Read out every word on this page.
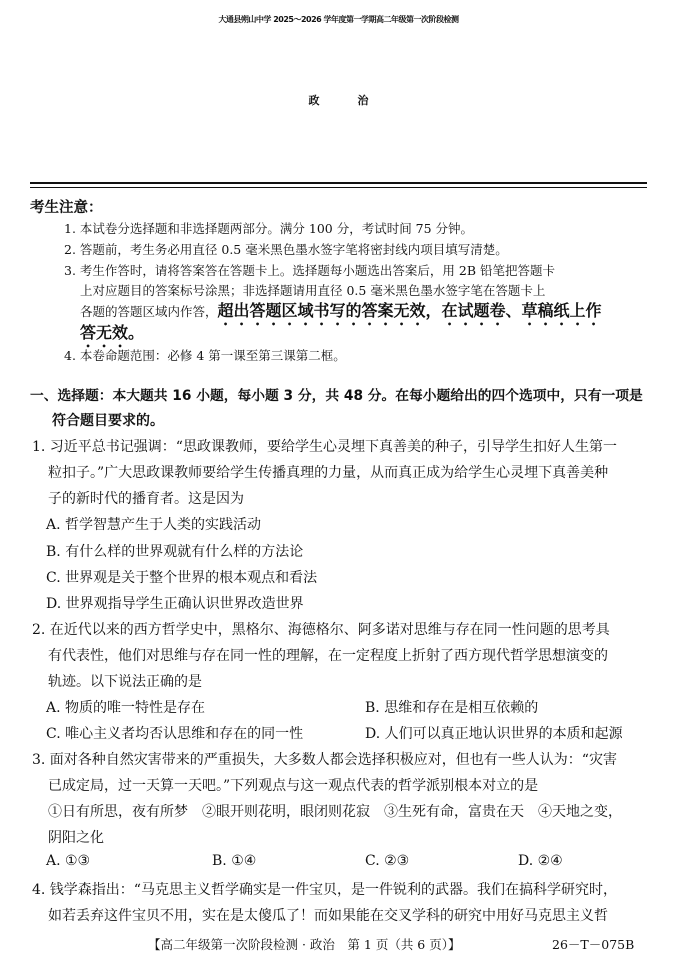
大通县朔山中学 2025～2026 学年度第一学期高二年级第一次阶段检测
政治
考生注意：
1. 本试卷分选择题和非选择题两部分。满分 100 分，考试时间 75 分钟。
2. 答题前，考生务必用直径 0.5 毫米黑色墨水签字笔将密封线内项目填写清楚。
3. 考生作答时，请将答案答在答题卡上。选择题每小题选出答案后，用 2B 铅笔把答题卡
上对应题目的答案标号涂黑；非选择题请用直径 0.5 毫米黑色墨水签字笔在答题卡上
各题的答题区域内作答，超出答题区域书写的答案无效，在试题卷、草稿纸上作
答无效。
4. 本卷命题范围：必修 4 第一课至第三课第二框。
一、选择题：本大题共 16 小题，每小题 3 分，共 48 分。在每小题给出的四个选项中，只有一项是
符合题目要求的。
1. 习近平总书记强调：“思政课教师，要给学生心灵埋下真善美的种子，引导学生扣好人生第一
粒扣子。”广大思政课教师要给学生传播真理的力量，从而真正成为给学生心灵埋下真善美种
子的新时代的播育者。这是因为
A. 哲学智慧产生于人类的实践活动
B. 有什么样的世界观就有什么样的方法论
C. 世界观是关于整个世界的根本观点和看法
D. 世界观指导学生正确认识世界改造世界
2. 在近代以来的西方哲学史中，黑格尔、海德格尔、阿多诺对思维与存在同一性问题的思考具
有代表性，他们对思维与存在同一性的理解，在一定程度上折射了西方现代哲学思想演变的
轨迹。以下说法正确的是
A. 物质的唯一特性是存在	B. 思维和存在是相互依赖的
C. 唯心主义者均否认思维和存在的同一性	D. 人们可以真正地认识世界的本质和起源
3. 面对各种自然灾害带来的严重损失，大多数人都会选择积极应对，但也有一些人认为：“灾害
已成定局，过一天算一天吧。”下列观点与这一观点代表的哲学派别根本对立的是
①日有所思，夜有所梦　②眼开则花明，眼闭则花寂　③生死有命，富贵在天　④天地之变，
阴阳之化
A. ①③	B. ①④	C. ②③	D. ②④
4. 钱学森指出：“马克思主义哲学确实是一件宝贝，是一件锐利的武器。我们在搞科学研究时，
如若丢弃这件宝贝不用，实在是太傻瓜了！而如果能在交叉学科的研究中用好马克思主义哲
【高二年级第一次阶段检测 · 政治　第 1 页（共 6 页）】	26－T－075B
